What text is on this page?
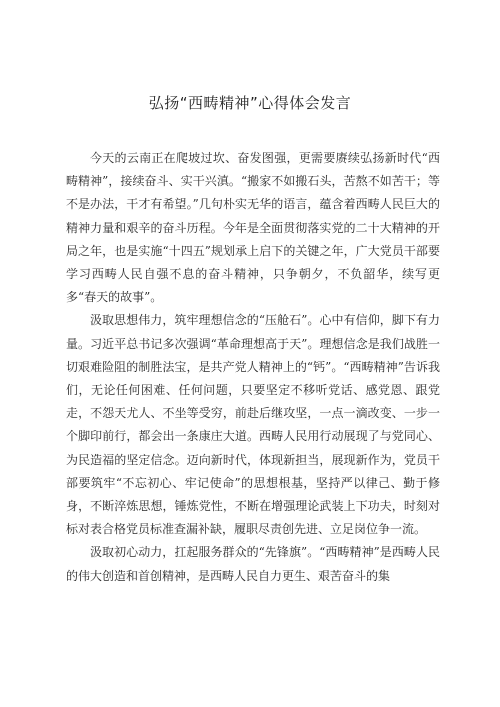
弘扬“西畴精神”心得体会发言

今天的云南正在爬坡过坎、奋发图强，更需要赓续弘扬新时代“西畴精神”，接续奋斗、实干兴滇。“搬家不如搬石头，苦熬不如苦干；等不是办法，干才有希望。”几句朴实无华的语言，蕴含着西畴人民巨大的精神力量和艰辛的奋斗历程。今年是全面贯彻落实党的二十大精神的开局之年，也是实施“十四五”规划承上启下的关键之年，广大党员干部要学习西畴人民自强不息的奋斗精神，只争朝夕，不负韶华，续写更多“春天的故事”。

汲取思想伟力，筑牢理想信念的“压舱石”。心中有信仰，脚下有力量。习近平总书记多次强调“革命理想高于天”。理想信念是我们战胜一切艰难险阻的制胜法宝，是共产党人精神上的“钙”。“西畴精神”告诉我们，无论任何困难、任何问题，只要坚定不移听党话、感党恩、跟党走，不怨天尤人、不坐等受穷，前赴后继攻坚，一点一滴改变、一步一个脚印前行，都会出一条康庄大道。西畴人民用行动展现了与党同心、为民造福的坚定信念。迈向新时代，体现新担当，展现新作为，党员干部要筑牢“不忘初心、牢记使命”的思想根基，坚持严以律己、勤于修身，不断淬炼思想，锤炼党性，不断在增强理论武装上下功夫，时刻对标对表合格党员标准查漏补缺，履职尽责创先进、立足岗位争一流。

汲取初心动力，扛起服务群众的“先锋旗”。“西畴精神”是西畴人民的伟大创造和首创精神，是西畴人民自力更生、艰苦奋斗的集
